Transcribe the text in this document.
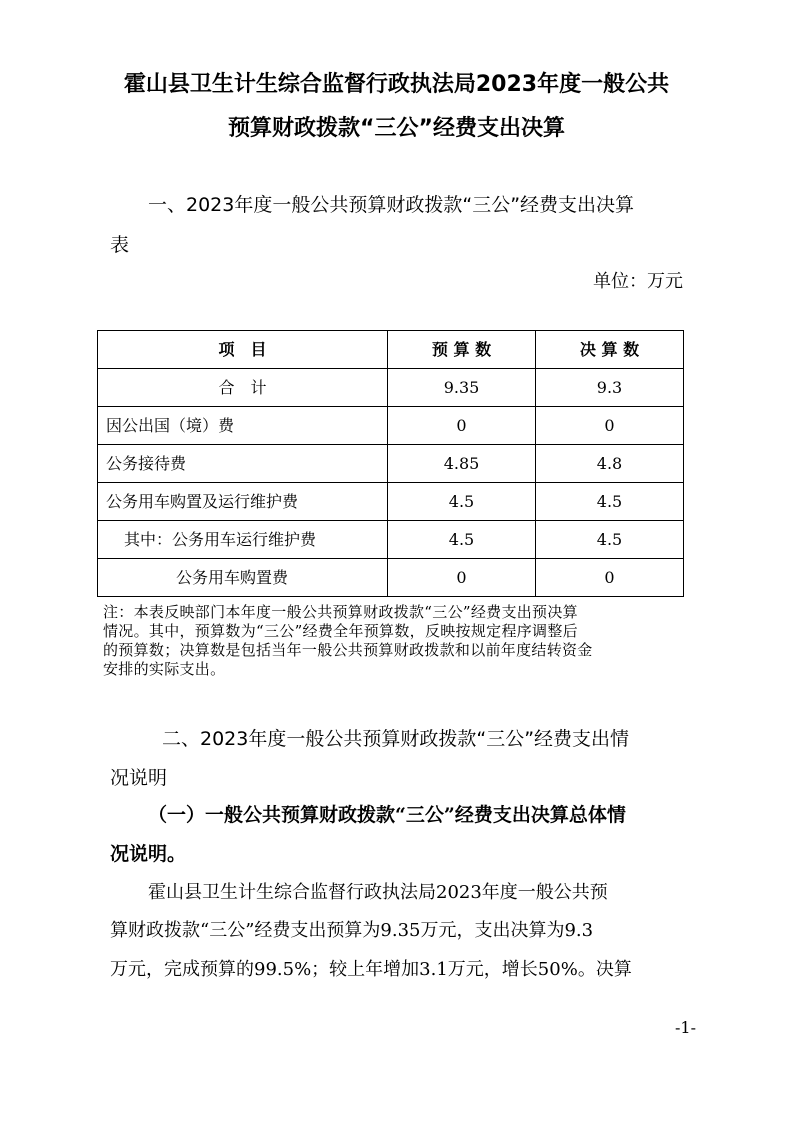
霍山县卫生计生综合监督行政执法局2023年度一般公共
预算财政拨款“三公”经费支出决算
一、2023年度一般公共预算财政拨款“三公”经费支出决算
表
单位：万元
项　目	预 算 数	决 算 数
合　计	9.35	9.3
因公出国（境）费	0	0
公务接待费	4.85	4.8
公务用车购置及运行维护费	4.5	4.5
其中：公务用车运行维护费	4.5	4.5
公务用车购置费	0	0
注：本表反映部门本年度一般公共预算财政拨款“三公”经费支出预决算
情况。其中，预算数为“三公”经费全年预算数，反映按规定程序调整后
的预算数；决算数是包括当年一般公共预算财政拨款和以前年度结转资金
安排的实际支出。
二、2023年度一般公共预算财政拨款“三公”经费支出情
况说明
（一）一般公共预算财政拨款“三公”经费支出决算总体情
况说明。
霍山县卫生计生综合监督行政执法局2023年度一般公共预
算财政拨款“三公”经费支出预算为9.35万元，支出决算为9.3
万元，完成预算的99.5%；较上年增加3.1万元，增长50%。决算
-1-
